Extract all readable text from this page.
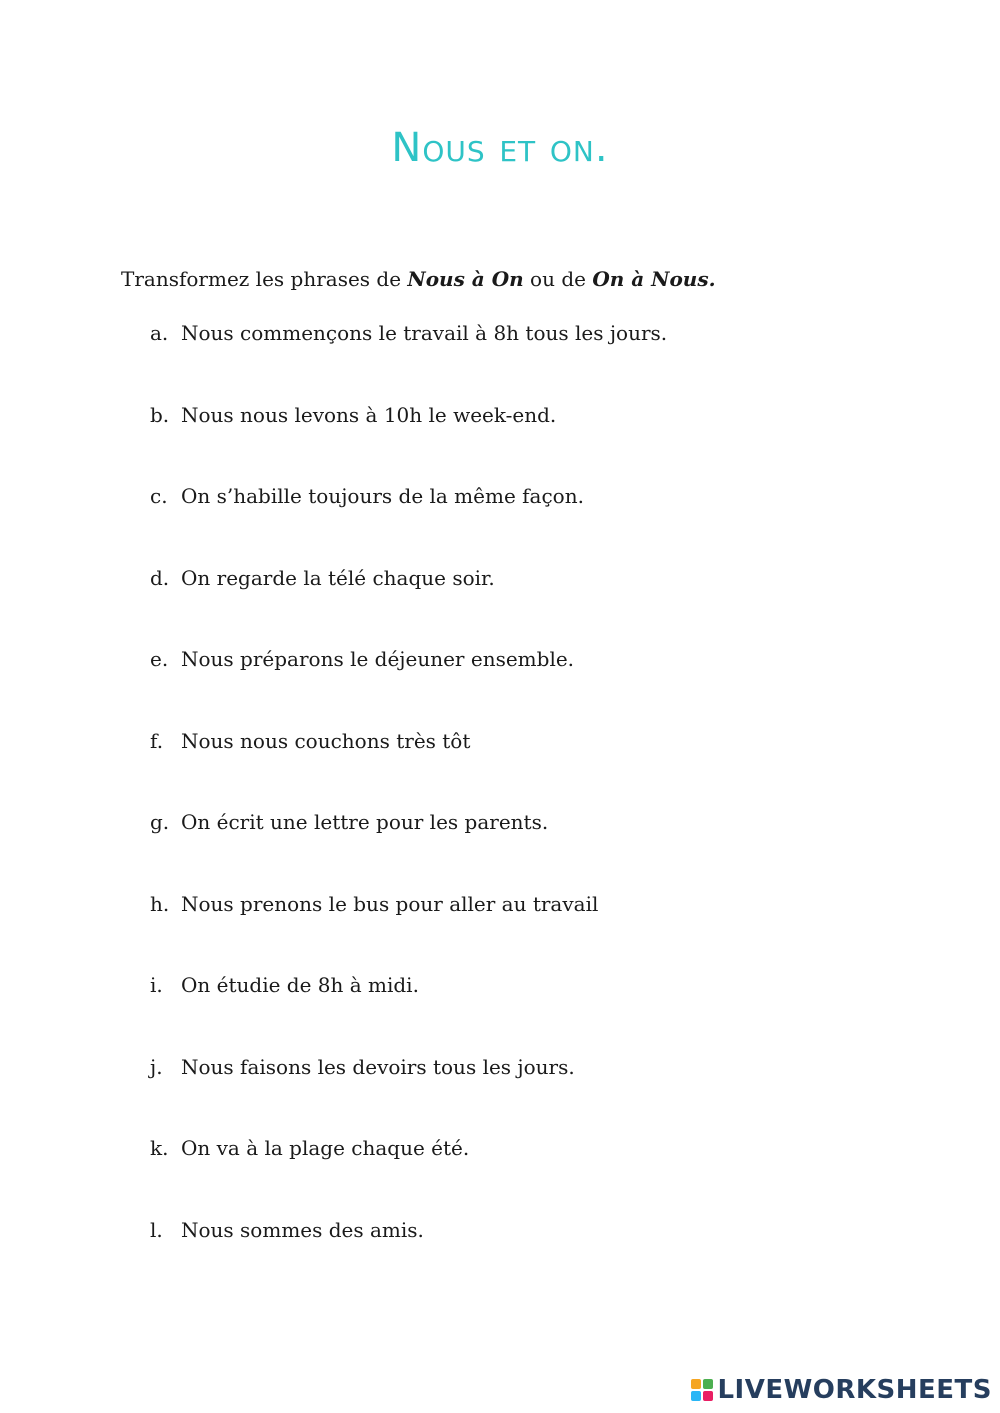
Nous et on.

Transformez les phrases de Nous à On ou de On à Nous.

a. Nous commençons le travail à 8h tous les jours.
b. Nous nous levons à 10h le week-end.
c. On s’habille toujours de la même façon.
d. On regarde la télé chaque soir.
e. Nous préparons le déjeuner ensemble.
f. Nous nous couchons très tôt
g. On écrit une lettre pour les parents.
h. Nous prenons le bus pour aller au travail
i. On étudie de 8h à midi.
j. Nous faisons les devoirs tous les jours.
k. On va à la plage chaque été.
l. Nous sommes des amis.
LIVEWORKSHEETS
